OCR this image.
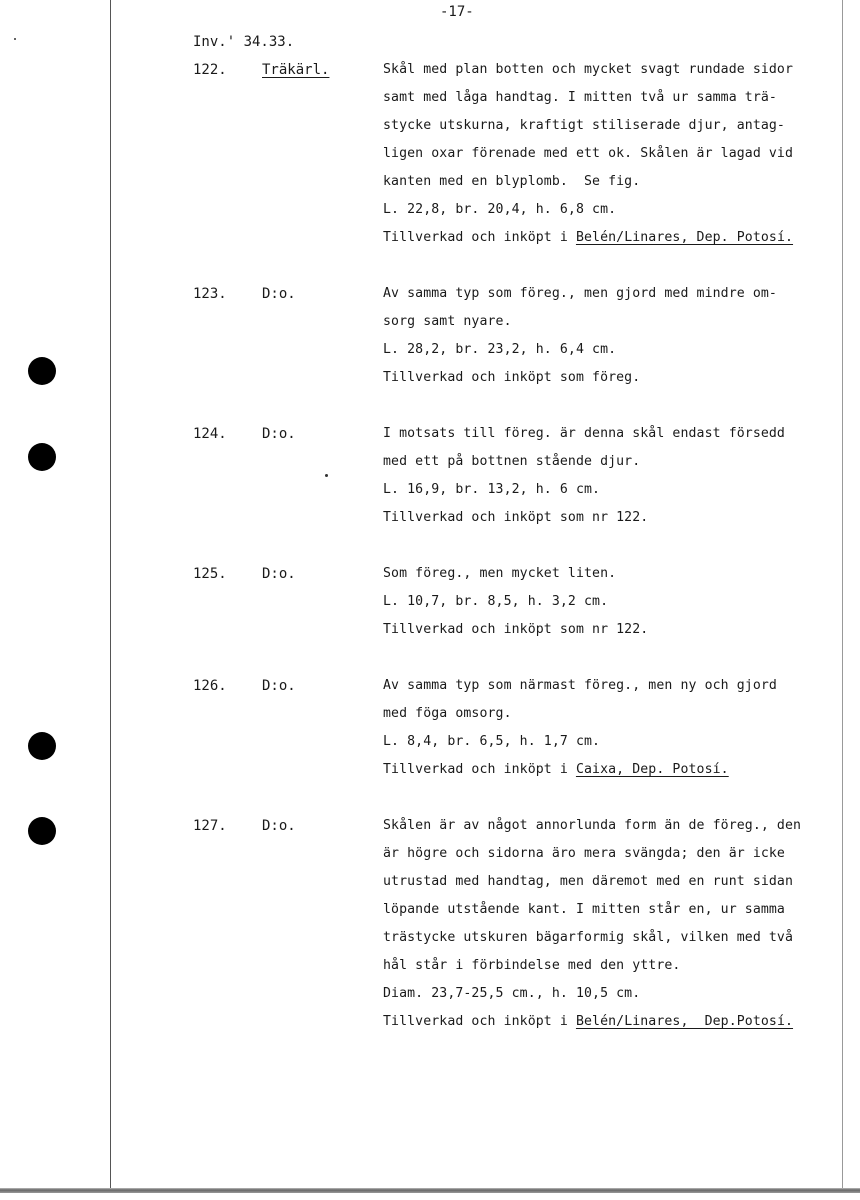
-17-
Inv.' 34.33.
122.	Träkärl.	Skål med plan botten och mycket svagt rundade sidor
samt med låga handtag. I mitten två ur samma trä-
stycke utskurna, kraftigt stiliserade djur, antag-
ligen oxar förenade med ett ok. Skålen är lagad vid
kanten med en blyplomb.  Se fig.
L. 22,8, br. 20,4, h. 6,8 cm.
Tillverkad och inköpt i Belén/Linares, Dep. Potosí.
123.	D:o.	Av samma typ som föreg., men gjord med mindre om-
sorg samt nyare.
L. 28,2, br. 23,2, h. 6,4 cm.
Tillverkad och inköpt som föreg.
124.	D:o.	I motsats till föreg. är denna skål endast försedd
med ett på bottnen stående djur.
L. 16,9, br. 13,2, h. 6 cm.
Tillverkad och inköpt som nr 122.
125.	D:o.	Som föreg., men mycket liten.
L. 10,7, br. 8,5, h. 3,2 cm.
Tillverkad och inköpt som nr 122.
126.	D:o.	Av samma typ som närmast föreg., men ny och gjord
med föga omsorg.
L. 8,4, br. 6,5, h. 1,7 cm.
Tillverkad och inköpt i Caixa, Dep. Potosí.
127.	D:o.	Skålen är av något annorlunda form än de föreg., den
är högre och sidorna äro mera svängda; den är icke
utrustad med handtag, men däremot med en runt sidan
löpande utstående kant. I mitten står en, ur samma
trästycke utskuren bägarformig skål, vilken med två
hål står i förbindelse med den yttre.
Diam. 23,7-25,5 cm., h. 10,5 cm.
Tillverkad och inköpt i Belén/Linares,  Dep.Potosí.
